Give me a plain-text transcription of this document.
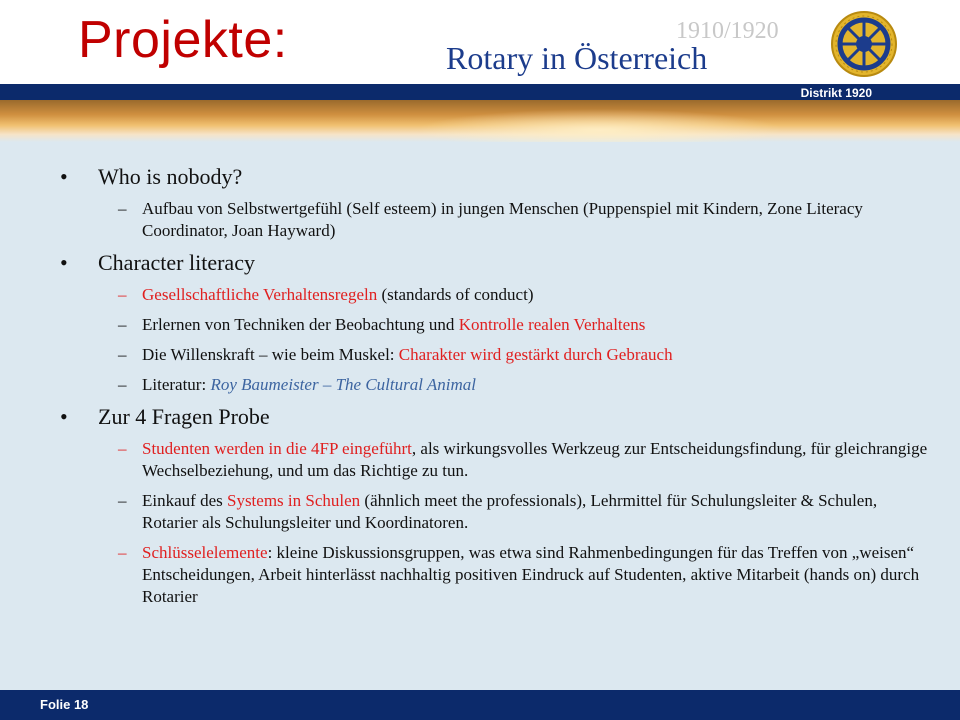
Projekte:	1910/1920
Rotary in Österreich
Distrikt 1920
• Who is nobody?
– Aufbau von Selbstwertgefühl (Self esteem) in jungen Menschen (Puppenspiel mit Kindern, Zone Literacy Coordinator, Joan Hayward)
• Character literacy
– Gesellschaftliche Verhaltensregeln (standards of conduct)
– Erlernen von Techniken der Beobachtung und Kontrolle realen Verhaltens
– Die Willenskraft – wie beim Muskel: Charakter wird gestärkt durch Gebrauch
– Literatur: Roy Baumeister – The Cultural Animal
• Zur 4 Fragen Probe
– Studenten werden in die 4FP eingeführt, als wirkungsvolles Werkzeug zur Entscheidungsfindung, für gleichrangige Wechselbeziehung, und um das Richtige zu tun.
– Einkauf des Systems in Schulen (ähnlich meet the professionals), Lehrmittel für Schulungsleiter & Schulen, Rotarier als Schulungsleiter und Koordinatoren.
– Schlüsselelemente: kleine Diskussionsgruppen, was etwa sind Rahmenbedingungen für das Treffen von „weisen“ Entscheidungen, Arbeit hinterlässt nachhaltig positiven Eindruck auf Studenten, aktive Mitarbeit (hands on) durch Rotarier
Folie 18
